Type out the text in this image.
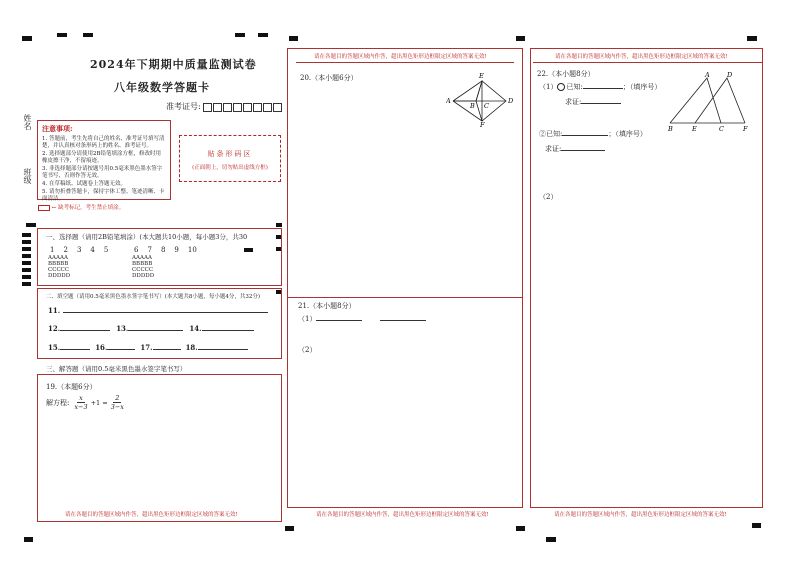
2024年下期期中质量监测试卷
八年级数学答题卡
准考证号:
姓名
班级
注意事项:
1. 答题前，考生先将自己的姓名、准考证号填写清楚，并认真核对条形码上的姓名、准考证号。
2. 选择题部分请使用2B铅笔填涂方框，修改时用橡皮擦干净，不留痕迹。
3. 非选择题部分请按题号用0.5毫米黑色墨水签字笔书写，否则作答无效。
4. 在草稿纸、试题卷上答题无效。
5. 请勿折叠答题卡，保持字体工整、笔迹清晰、卡面清洁。
贴条形码区
(正面朝上，切勿贴出虚线方框)
← 缺考标记，考生禁止填涂。
一、选择题（请用2B铅笔填涂）(本大题共10小题，每小题3分，共30
1 2 3 4 5	6 7 8 9 10
AAAAA
BBBBB
CCCCC
DDDDD
AAAAA
BBBBB
CCCCC
DDDDD
二、填空题（请用0.5毫米黑色墨水签字笔书写）(本大题共8小题，每小题4分，共32分)
11.
12.	13.	14.
15.	16.	17.	18.
三、解答题（请用0.5毫米黑色墨水签字笔书写）
19.（本题6分）
解方程:
x
x−3
$+1 = \frac{2}{3-x}$
请在各题目的答题区域内作答，超出黑色矩形边框限定区域的答案无效!
请在各题目的答题区域内作答，超出黑色矩形边框限定区域的答案无效!
20.（本小题6分）
A
E
B C
D
F
21.（本小题8分）
（1）
（2）
请在各题目的答题区域内作答，超出黑色矩形边框限定区域的答案无效!
请在各题目的答题区域内作答，超出黑色矩形边框限定区域的答案无效!
22.（本小题8分）
（1） 已知:	；（填序号）
求证:
②已知:	；（填序号）
求证:
A	D
B	E	C	F
（2）
请在各题目的答题区域内作答，超出黑色矩形边框限定区域的答案无效!
